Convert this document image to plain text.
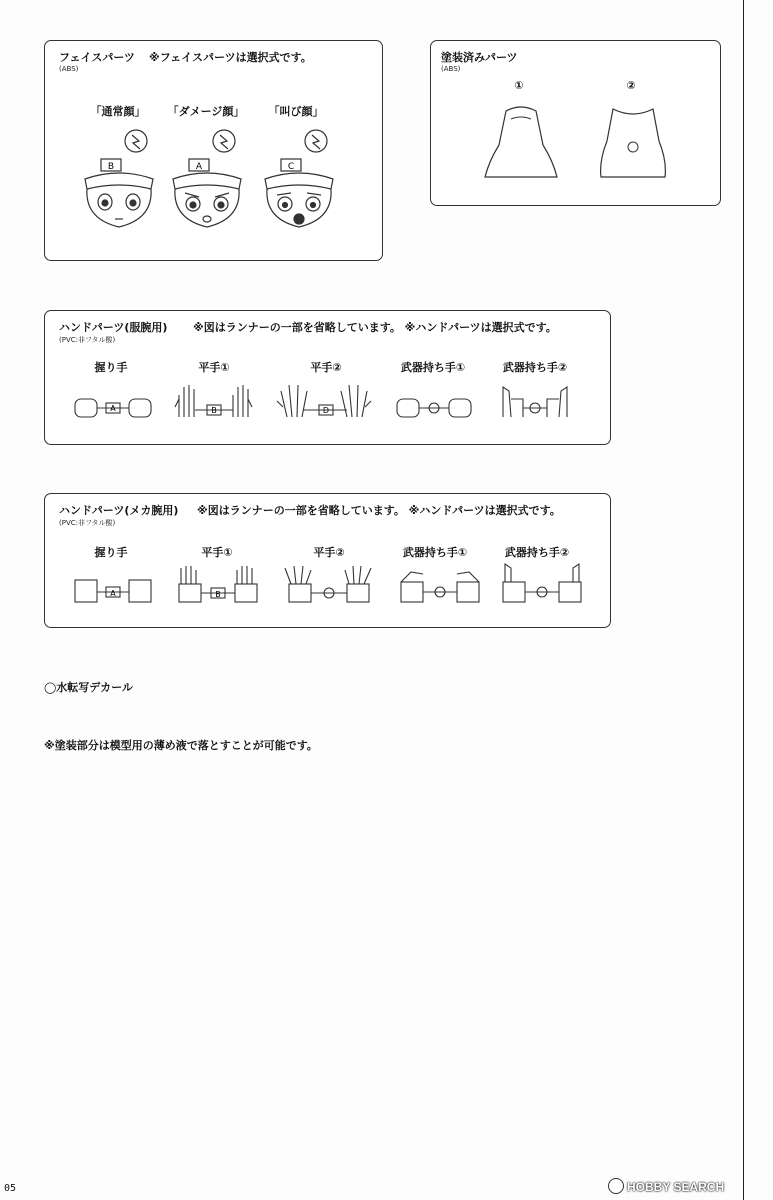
フェイスパーツ ※フェイスパーツは選択式です。
(ABS)
「通常顔」 「ダメージ顔」 「叫び顔」
B	A	C
塗装済みパーツ
(ABS)
①	②
ハンドパーツ(服腕用) ※図はランナーの一部を省略しています。 ※ハンドパーツは選択式です。
(PVC:非フタル酸)
握り手	平手①	平手②	武器持ち手①	武器持ち手②
A	B	D
ハンドパーツ(メカ腕用) ※図はランナーの一部を省略しています。 ※ハンドパーツは選択式です。
(PVC:非フタル酸)
握り手	平手①	平手②	武器持ち手①	武器持ち手②
A	B
◯水転写デカール
※塗装部分は模型用の薄め液で落とすことが可能です。
05	HOBBY SEARCH
